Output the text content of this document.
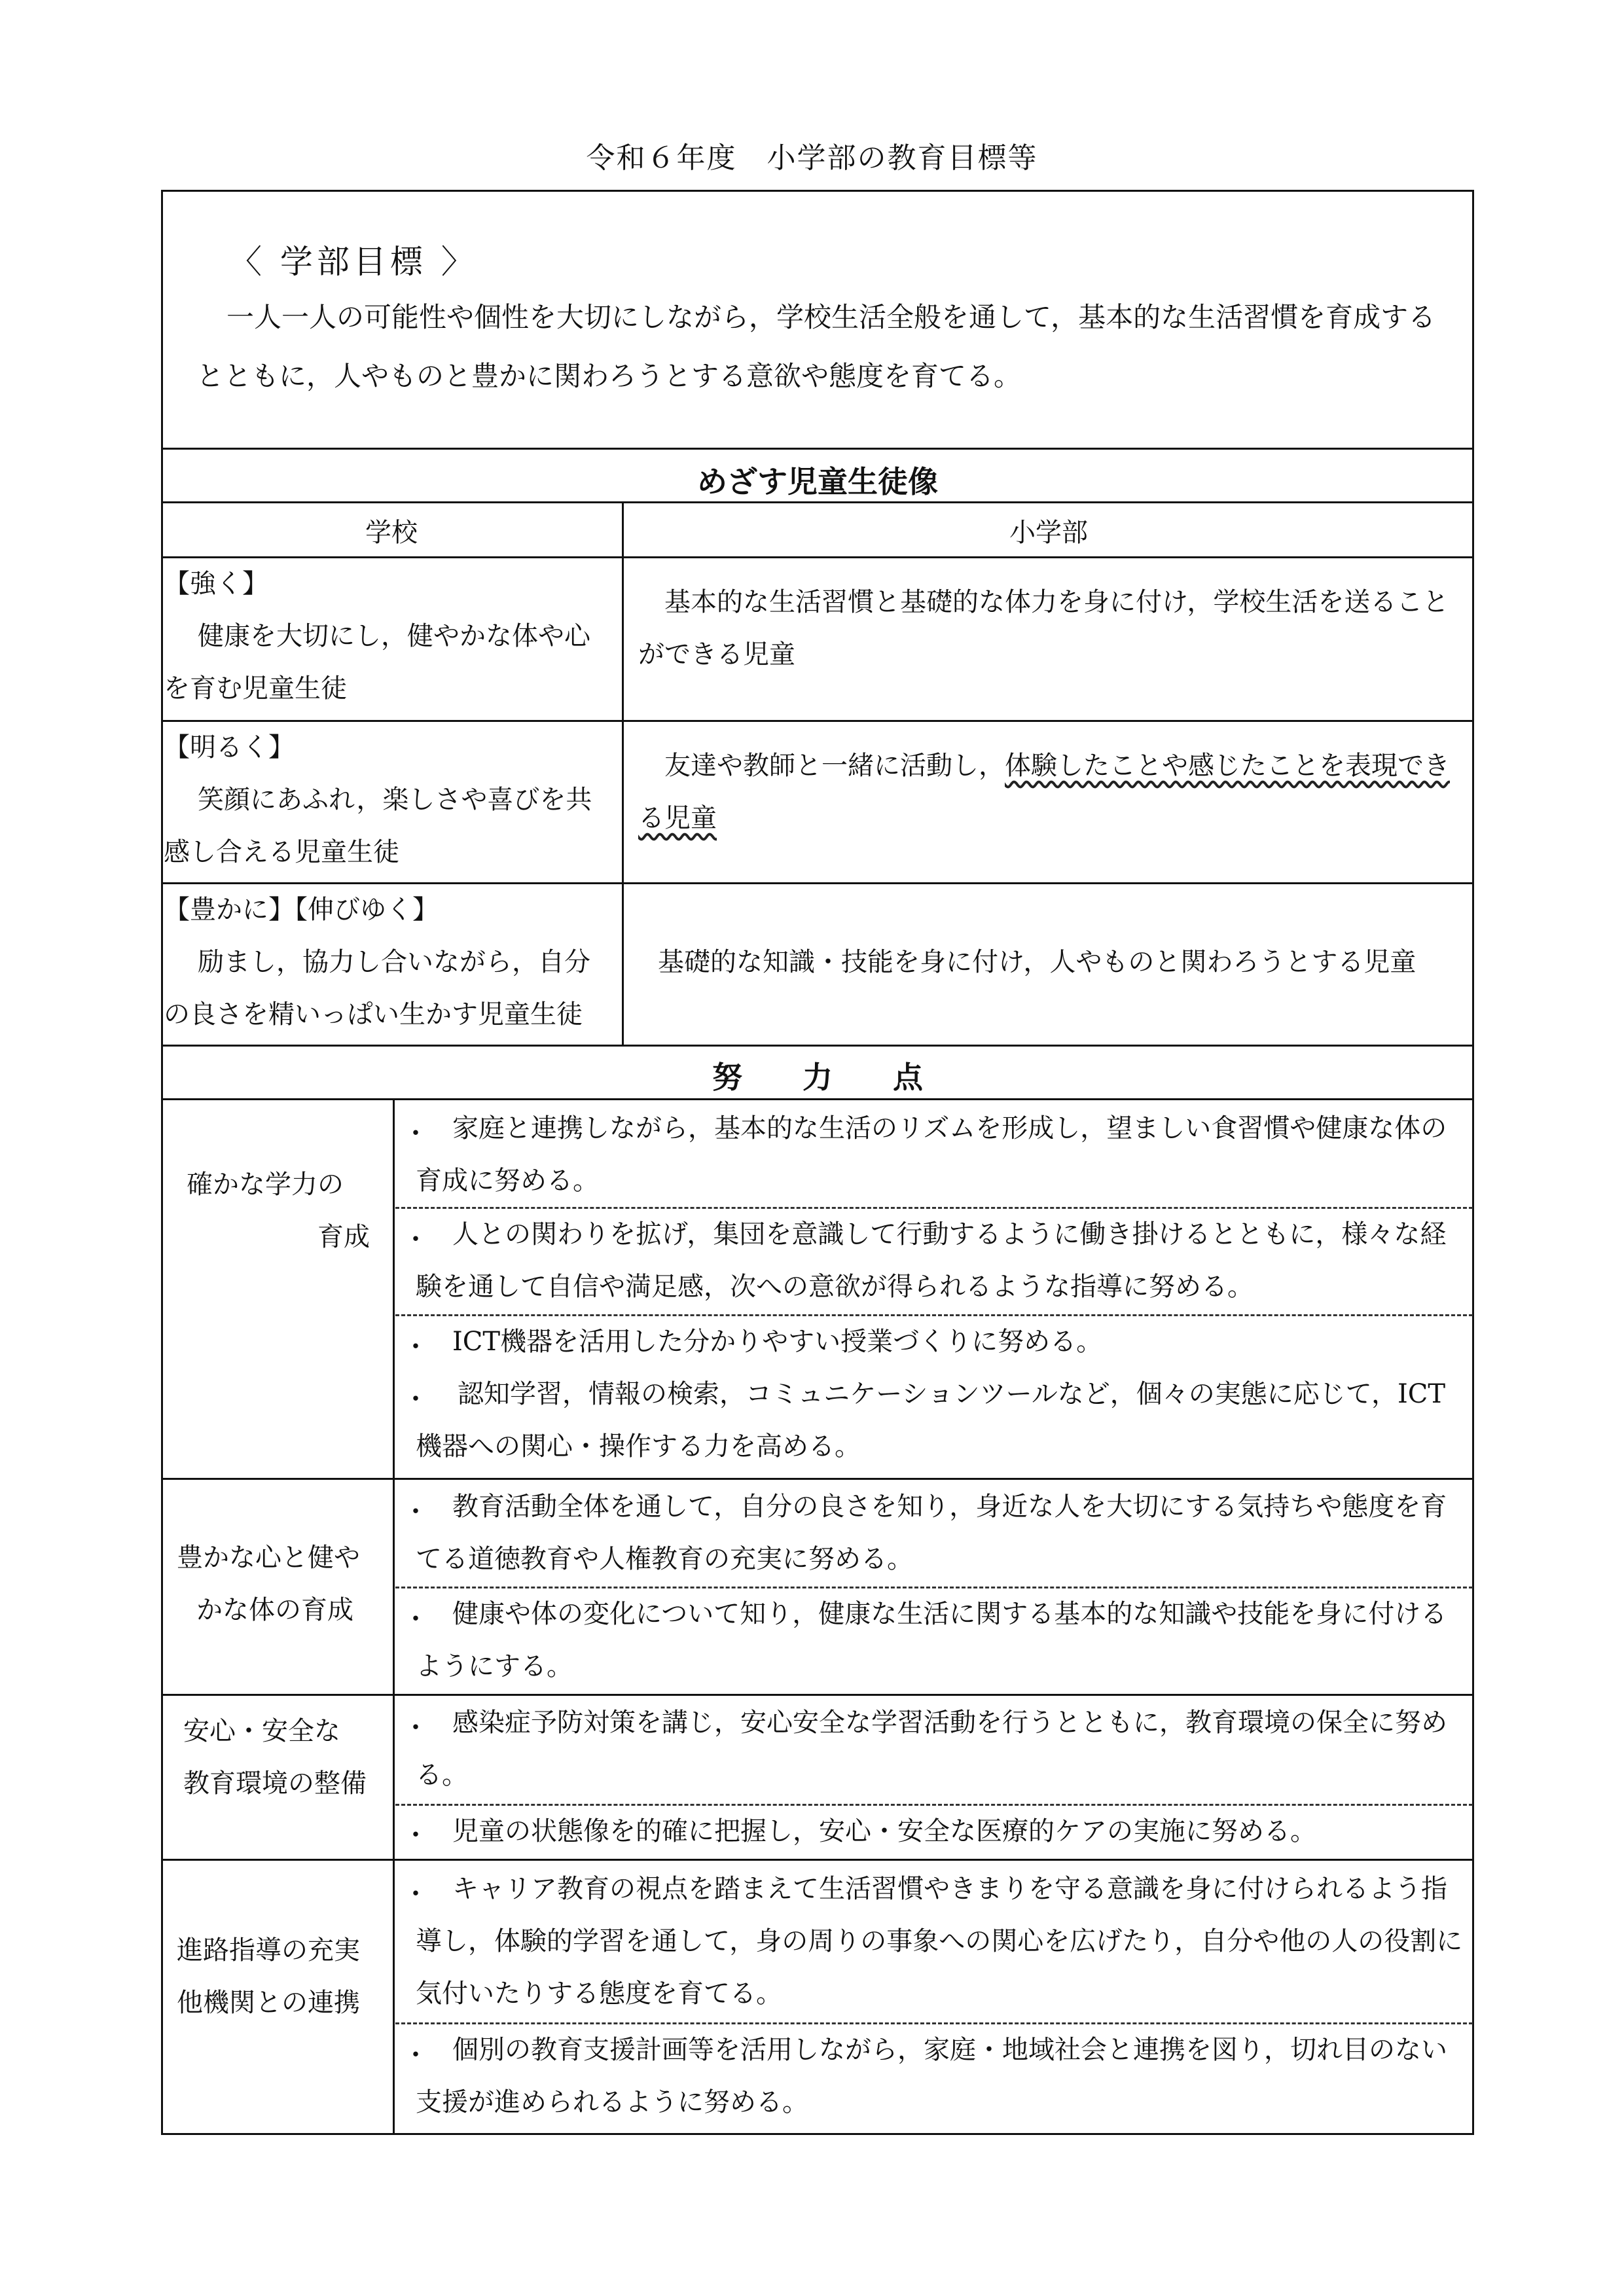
令和６年度　小学部の教育目標等
〈 学部目標 〉
一人一人の可能性や個性を大切にしながら，学校生活全般を通して，基本的な生活習慣を育成するとともに，人やものと豊かに関わろうとする意欲や態度を育てる。
めざす児童生徒像
学校	小学部
【強く】
健康を大切にし，健やかな体や心を育む児童生徒
基本的な生活習慣と基礎的な体力を身に付け，学校生活を送ることができる児童
【明るく】
笑顔にあふれ，楽しさや喜びを共感し合える児童生徒
友達や教師と一緒に活動し，体験したことや感じたことを表現できる児童
【豊かに】【伸びゆく】
励まし，協力し合いながら，自分の良さを精いっぱい生かす児童生徒
基礎的な知識・技能を身に付け，人やものと関わろうとする児童
努　　力　　点
確かな学力の
育成
・ 家庭と連携しながら，基本的な生活のリズムを形成し，望ましい食習慣や健康な体の育成に努める。
・ 人との関わりを拡げ，集団を意識して行動するように働き掛けるとともに，様々な経験を通して自信や満足感，次への意欲が得られるような指導に努める。
・ ICT機器を活用した分かりやすい授業づくりに努める。
・	認知学習，情報の検索，コミュニケーションツールなど，個々の実態に応じて，ICT機器への関心・操作する力を高める。
豊かな心と健や
かな体の育成
・ 教育活動全体を通して，自分の良さを知り，身近な人を大切にする気持ちや態度を育てる道徳教育や人権教育の充実に努める。
・ 健康や体の変化について知り，健康な生活に関する基本的な知識や技能を身に付けるようにする。
安心・安全な
教育環境の整備
・ 感染症予防対策を講じ，安心安全な学習活動を行うとともに，教育環境の保全に努める。
・ 児童の状態像を的確に把握し，安心・安全な医療的ケアの実施に努める。
進路指導の充実
他機関との連携
・ キャリア教育の視点を踏まえて生活習慣やきまりを守る意識を身に付けられるよう指導し，体験的学習を通して，身の周りの事象への関心を広げたり，自分や他の人の役割に気付いたりする態度を育てる。
・ 個別の教育支援計画等を活用しながら，家庭・地域社会と連携を図り，切れ目のない支援が進められるように努める。
